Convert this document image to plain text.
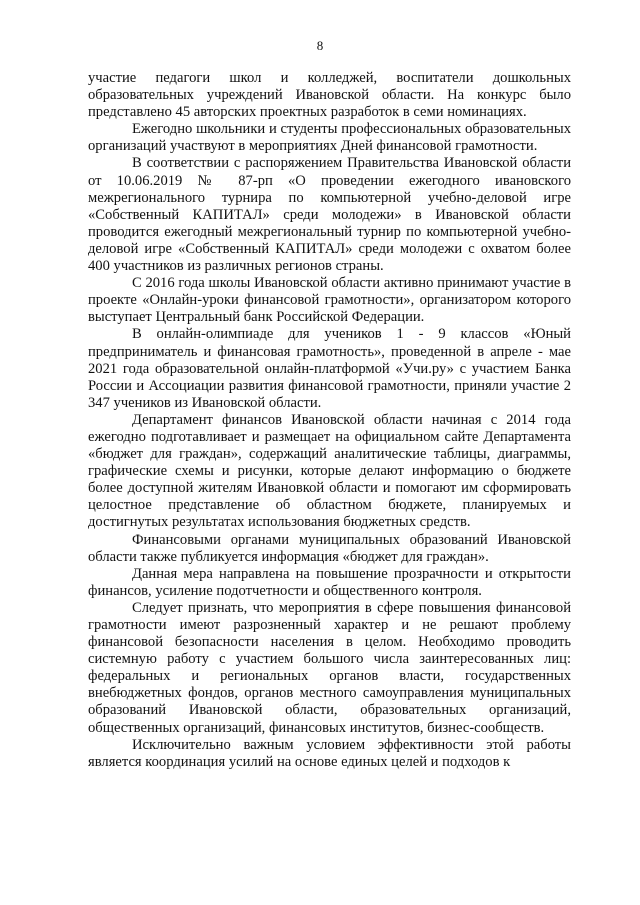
8

участие педагоги школ и колледжей, воспитатели дошкольных образовательных учреждений Ивановской области. На конкурс было представлено 45 авторских проектных разработок в семи номинациях.

Ежегодно школьники и студенты профессиональных образовательных организаций участвуют в мероприятиях Дней финансовой грамотности.

В соответствии с распоряжением Правительства Ивановской области от 10.06.2019 № 87-рп «О проведении ежегодного ивановского межрегионального турнира по компьютерной учебно-деловой игре «Собственный КАПИТАЛ» среди молодежи» в Ивановской области проводится ежегодный межрегиональный турнир по компьютерной учебно-деловой игре «Собственный КАПИТАЛ» среди молодежи с охватом более 400 участников из различных регионов страны.

С 2016 года школы Ивановской области активно принимают участие в проекте «Онлайн-уроки финансовой грамотности», организатором которого выступает Центральный банк Российской Федерации.

В онлайн-олимпиаде для учеников 1 - 9 классов «Юный предприниматель и финансовая грамотность», проведенной в апреле - мае 2021 года образовательной онлайн-платформой «Учи.ру» с участием Банка России и Ассоциации развития финансовой грамотности, приняли участие 2 347 учеников из Ивановской области.

Департамент финансов Ивановской области начиная с 2014 года ежегодно подготавливает и размещает на официальном сайте Департамента «бюджет для граждан», содержащий аналитические таблицы, диаграммы, графические схемы и рисунки, которые делают информацию о бюджете более доступной жителям Ивановкой области и помогают им сформировать целостное представление об областном бюджете, планируемых и достигнутых результатах использования бюджетных средств.

Финансовыми органами муниципальных образований Ивановской области также публикуется информация «бюджет для граждан».

Данная мера направлена на повышение прозрачности и открытости финансов, усиление подотчетности и общественного контроля.

Следует признать, что мероприятия в сфере повышения финансовой грамотности имеют разрозненный характер и не решают проблему финансовой безопасности населения в целом. Необходимо проводить системную работу с участием большого числа заинтересованных лиц: федеральных и региональных органов власти, государственных внебюджетных фондов, органов местного самоуправления муниципальных образований Ивановской области, образовательных организаций, общественных организаций, финансовых институтов, бизнес-сообществ.

Исключительно важным условием эффективности этой работы является координация усилий на основе единых целей и подходов к
